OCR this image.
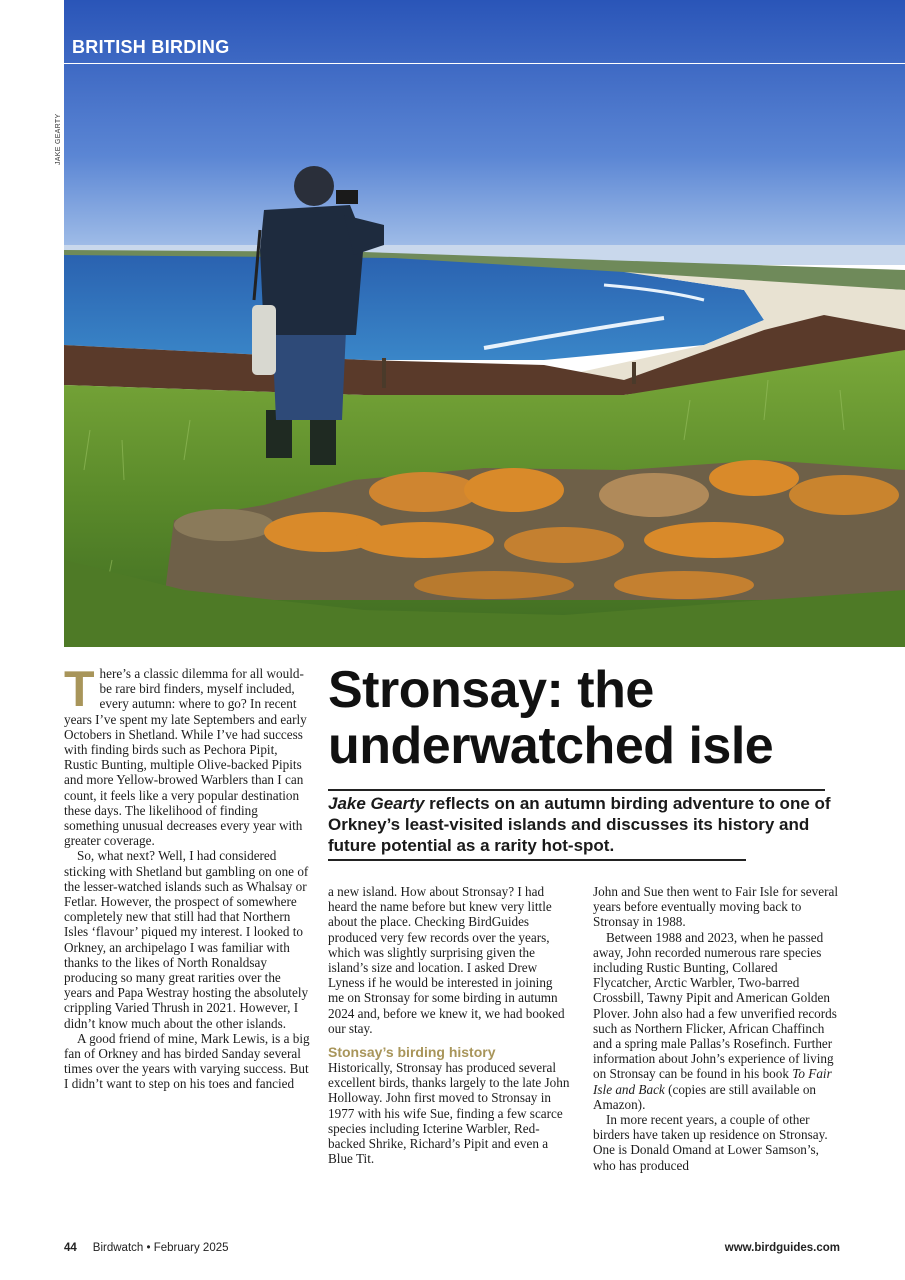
BRITISH BIRDING
JAKE GEARTY
Stronsay: the
underwatched isle
Jake Gearty reflects on an autumn birding adventure to one of Orkney’s least-visited islands and discusses its history and future potential as a rarity hot-spot.

There’s a classic dilemma for all would-be rare bird finders, myself included, every autumn: where to go? In recent years I’ve spent my late Septembers and early Octobers in Shetland. While I’ve had success with finding birds such as Pechora Pipit, Rustic Bunting, multiple Olive-backed Pipits and more Yellow-browed Warblers than I can count, it feels like a very popular destination these days. The likelihood of finding something unusual decreases every year with greater coverage.

So, what next? Well, I had considered sticking with Shetland but gambling on one of the lesser-watched islands such as Whalsay or Fetlar. However, the prospect of somewhere completely new that still had that Northern Isles ‘flavour’ piqued my interest. I looked to Orkney, an archipelago I was familiar with thanks to the likes of North Ronaldsay producing so many great rarities over the years and Papa Westray hosting the absolutely crippling Varied Thrush in 2021. However, I didn’t know much about the other islands.

A good friend of mine, Mark Lewis, is a big fan of Orkney and has birded Sanday several times over the years with varying success. But I didn’t want to step on his toes and fancied

a new island. How about Stronsay? I had heard the name before but knew very little about the place. Checking BirdGuides produced very few records over the years, which was slightly surprising given the island’s size and location. I asked Drew Lyness if he would be interested in joining me on Stronsay for some birding in autumn 2024 and, before we knew it, we had booked our stay.

Stonsay’s birding history

Historically, Stronsay has produced several excellent birds, thanks largely to the late John Holloway. John first moved to Stronsay in 1977 with his wife Sue, finding a few scarce species including Icterine Warbler, Red-backed Shrike, Richard’s Pipit and even a Blue Tit.

John and Sue then went to Fair Isle for several years before eventually moving back to Stronsay in 1988.

Between 1988 and 2023, when he passed away, John recorded numerous rare species including Rustic Bunting, Collared Flycatcher, Arctic Warbler, Two-barred Crossbill, Tawny Pipit and American Golden Plover. John also had a few unverified records such as Northern Flicker, African Chaffinch and a spring male Pallas’s Rosefinch. Further information about John’s experience of living on Stronsay can be found in his book To Fair Isle and Back (copies are still available on Amazon).

In more recent years, a couple of other birders have taken up residence on Stronsay. One is Donald Omand at Lower Samson’s, who has produced

44 Birdwatch • February 2025	www.birdguides.com
